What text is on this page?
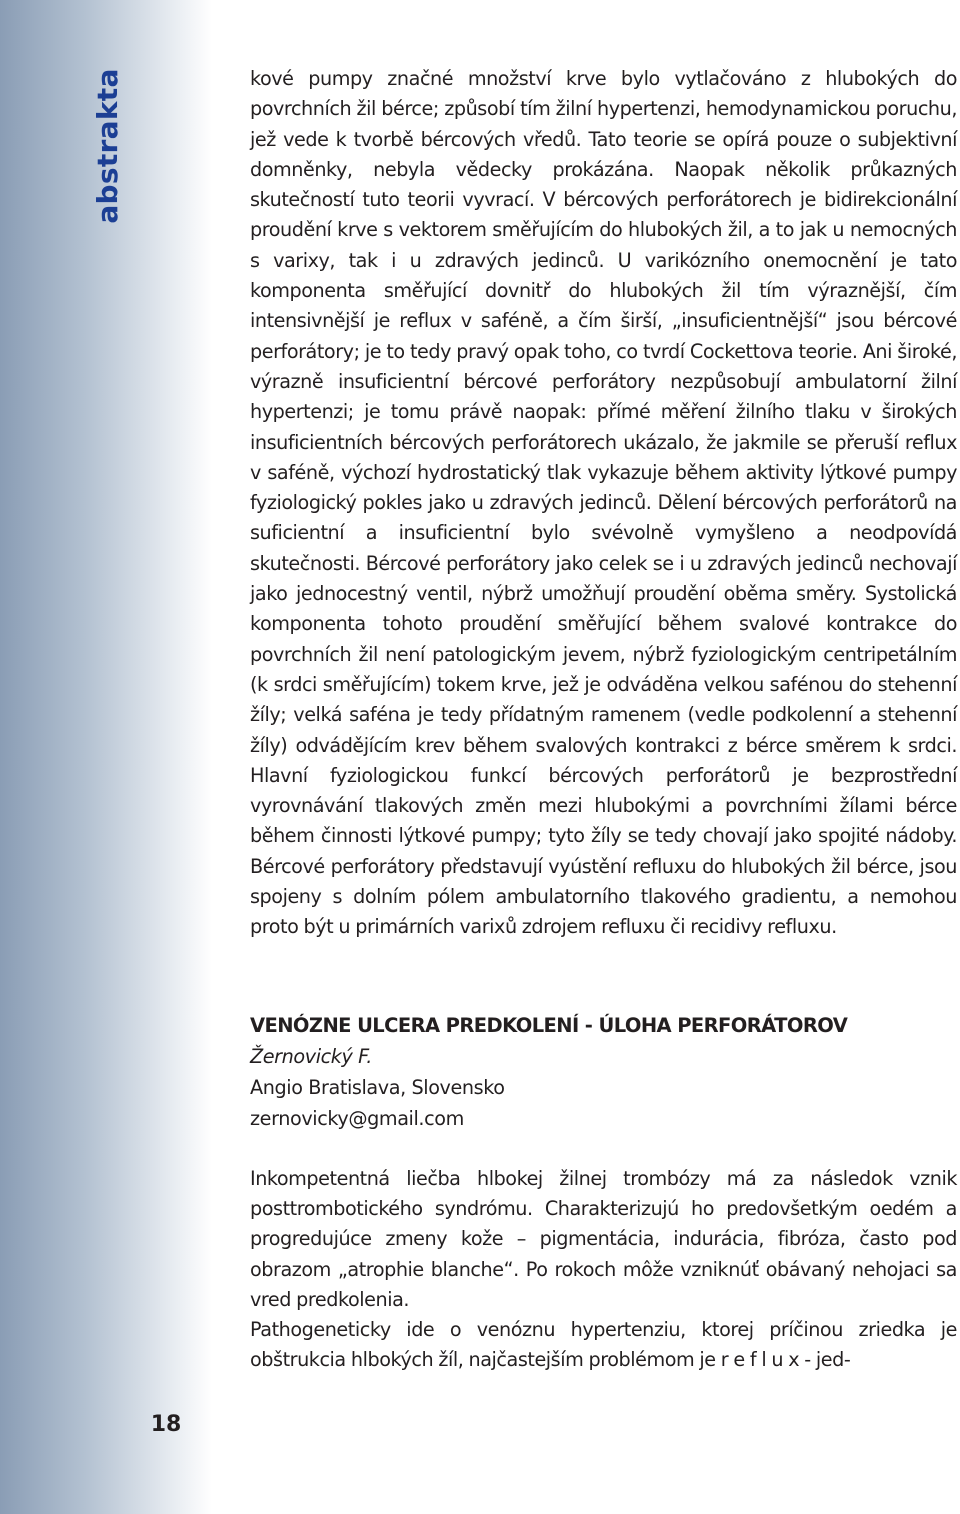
abstrakta
18

kové pumpy značné množství krve bylo vytlačováno z hlubokých do povrchních žil bérce; způsobí tím žilní hypertenzi, hemodynamickou poruchu, jež vede k tvorbě bércových vředů. Tato teorie se opírá pouze o subjektivní domněnky, nebyla vědecky prokázána. Naopak několik průkazných skutečností tuto teorii vyvrací. V bércových perforátorech je bidirekcionální proudění krve s vektorem směřujícím do hlubokých žil, a to jak u nemocných s varixy, tak i u zdravých jedinců. U varikózního onemocnění je tato komponenta směřující dovnitř do hlubokých žil tím výraznější, čím intensivnější je reflux v saféně, a čím širší, „insuficientnější“ jsou bércové perforátory; je to tedy pravý opak toho, co tvrdí Cockettova teorie. Ani široké, výrazně insuficientní bércové perforátory nezpůsobují ambulatorní žilní hypertenzi; je tomu právě naopak: přímé měření žilního tlaku v širokých insuficientních bércových perforátorech ukázalo, že jakmile se přeruší reflux v saféně, výchozí hydrostatický tlak vykazuje během aktivity lýtkové pumpy fyziologický pokles jako u zdravých jedinců. Dělení bércových perforátorů na suficientní a insuficientní bylo svévolně vymyšleno a neodpovídá skutečnosti. Bércové perforátory jako celek se i u zdravých jedinců nechovají jako jednocestný ventil, nýbrž umožňují proudění oběma směry. Systolická komponenta tohoto proudění směřující během svalové kontrakce do povrchních žil není patologickým jevem, nýbrž fyziologickým centripetálním (k srdci směřujícím) tokem krve, jež je odváděna velkou safénou do stehenní žíly; velká saféna je tedy přídatným ramenem (vedle podkolenní a stehenní žíly) odvádějícím krev během svalových kontrakci z bérce směrem k srdci. Hlavní fyziologickou funkcí bércových perforátorů je bezprostřední vyrovnávání tlakových změn mezi hlubokými a povrchními žílami bérce během činnosti lýtkové pumpy; tyto žíly se tedy chovají jako spojité nádoby. Bércové perforátory představují vyústění refluxu do hlubokých žil bérce, jsou spojeny s dolním pólem ambulatorního tlakového gradientu, a nemohou proto být u primárních varixů zdrojem refluxu či recidivy refluxu.

VENÓZNE ULCERA PREDKOLENÍ - ÚLOHA PERFORÁTOROV

Žernovický F.

Angio Bratislava, Slovensko

zernovicky@gmail.com

Inkompetentná liečba hlbokej žilnej trombózy má za následok vznik posttrombotického syndrómu. Charakterizujú ho predovšetkým oedém a progredujúce zmeny kože – pigmentácia, indurácia, fibróza, často pod obrazom „atrophie blanche“. Po rokoch môže vzniknúť obávaný nehojaci sa vred predkolenia.

Pathogeneticky ide o venóznu hypertenziu, ktorej príčinou zriedka je obštrukcia hlbokých žíl, najčastejším problémom je r e f l u x - jed-
